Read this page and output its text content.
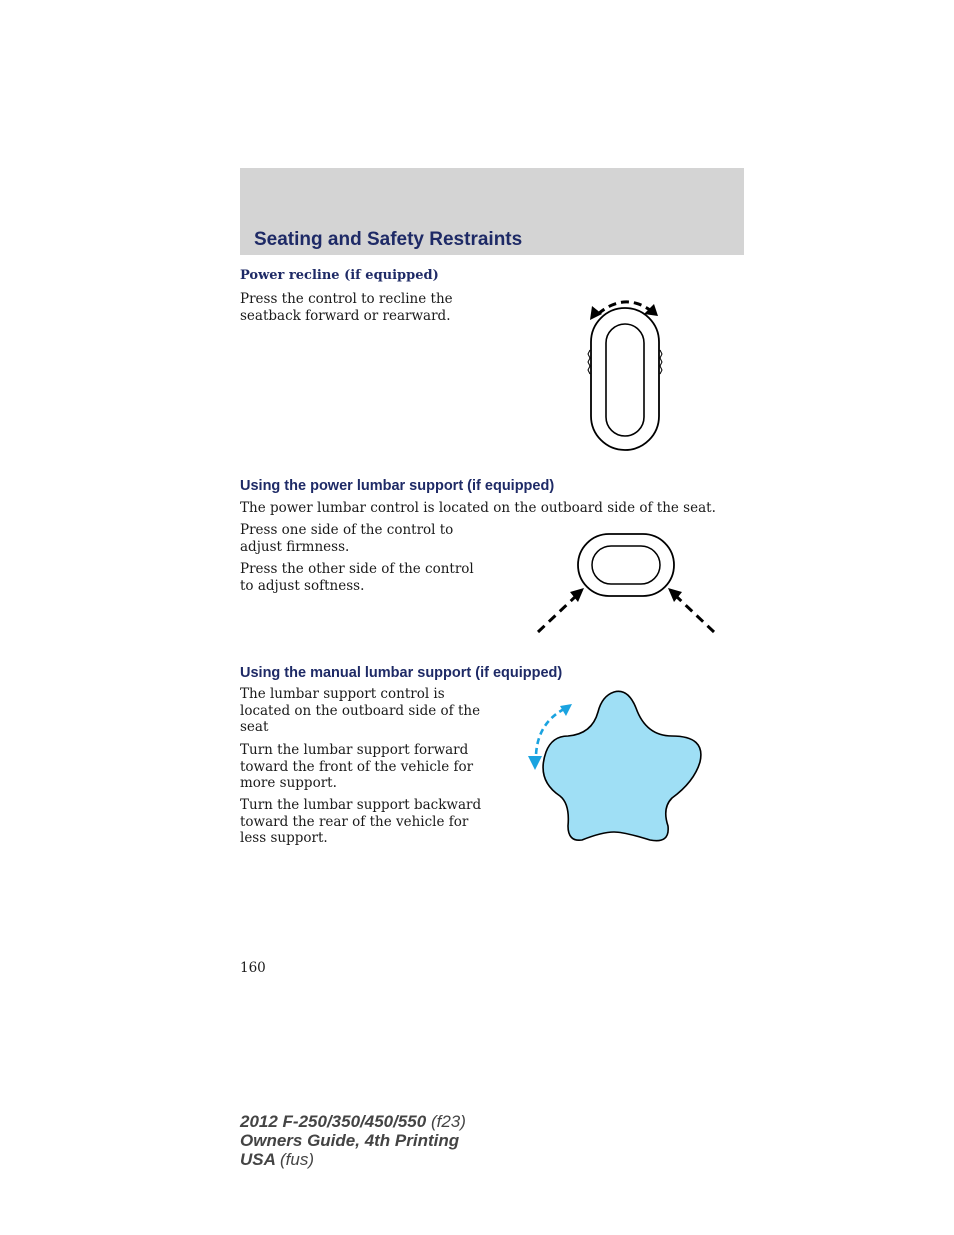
Seating and Safety Restraints
Power recline (if equipped)

Press the control to recline the seatback forward or rearward.

Using the power lumbar support (if equipped)

The power lumbar control is located on the outboard side of the seat.

Press one side of the control to adjust firmness.

Press the other side of the control to adjust softness.

Using the manual lumbar support (if equipped)

The lumbar support control is located on the outboard side of the seat

Turn the lumbar support forward toward the front of the vehicle for more support.

Turn the lumbar support backward toward the rear of the vehicle for less support.

160

2012 F-250/350/450/550 (f23)
Owners Guide, 4th Printing
USA (fus)
